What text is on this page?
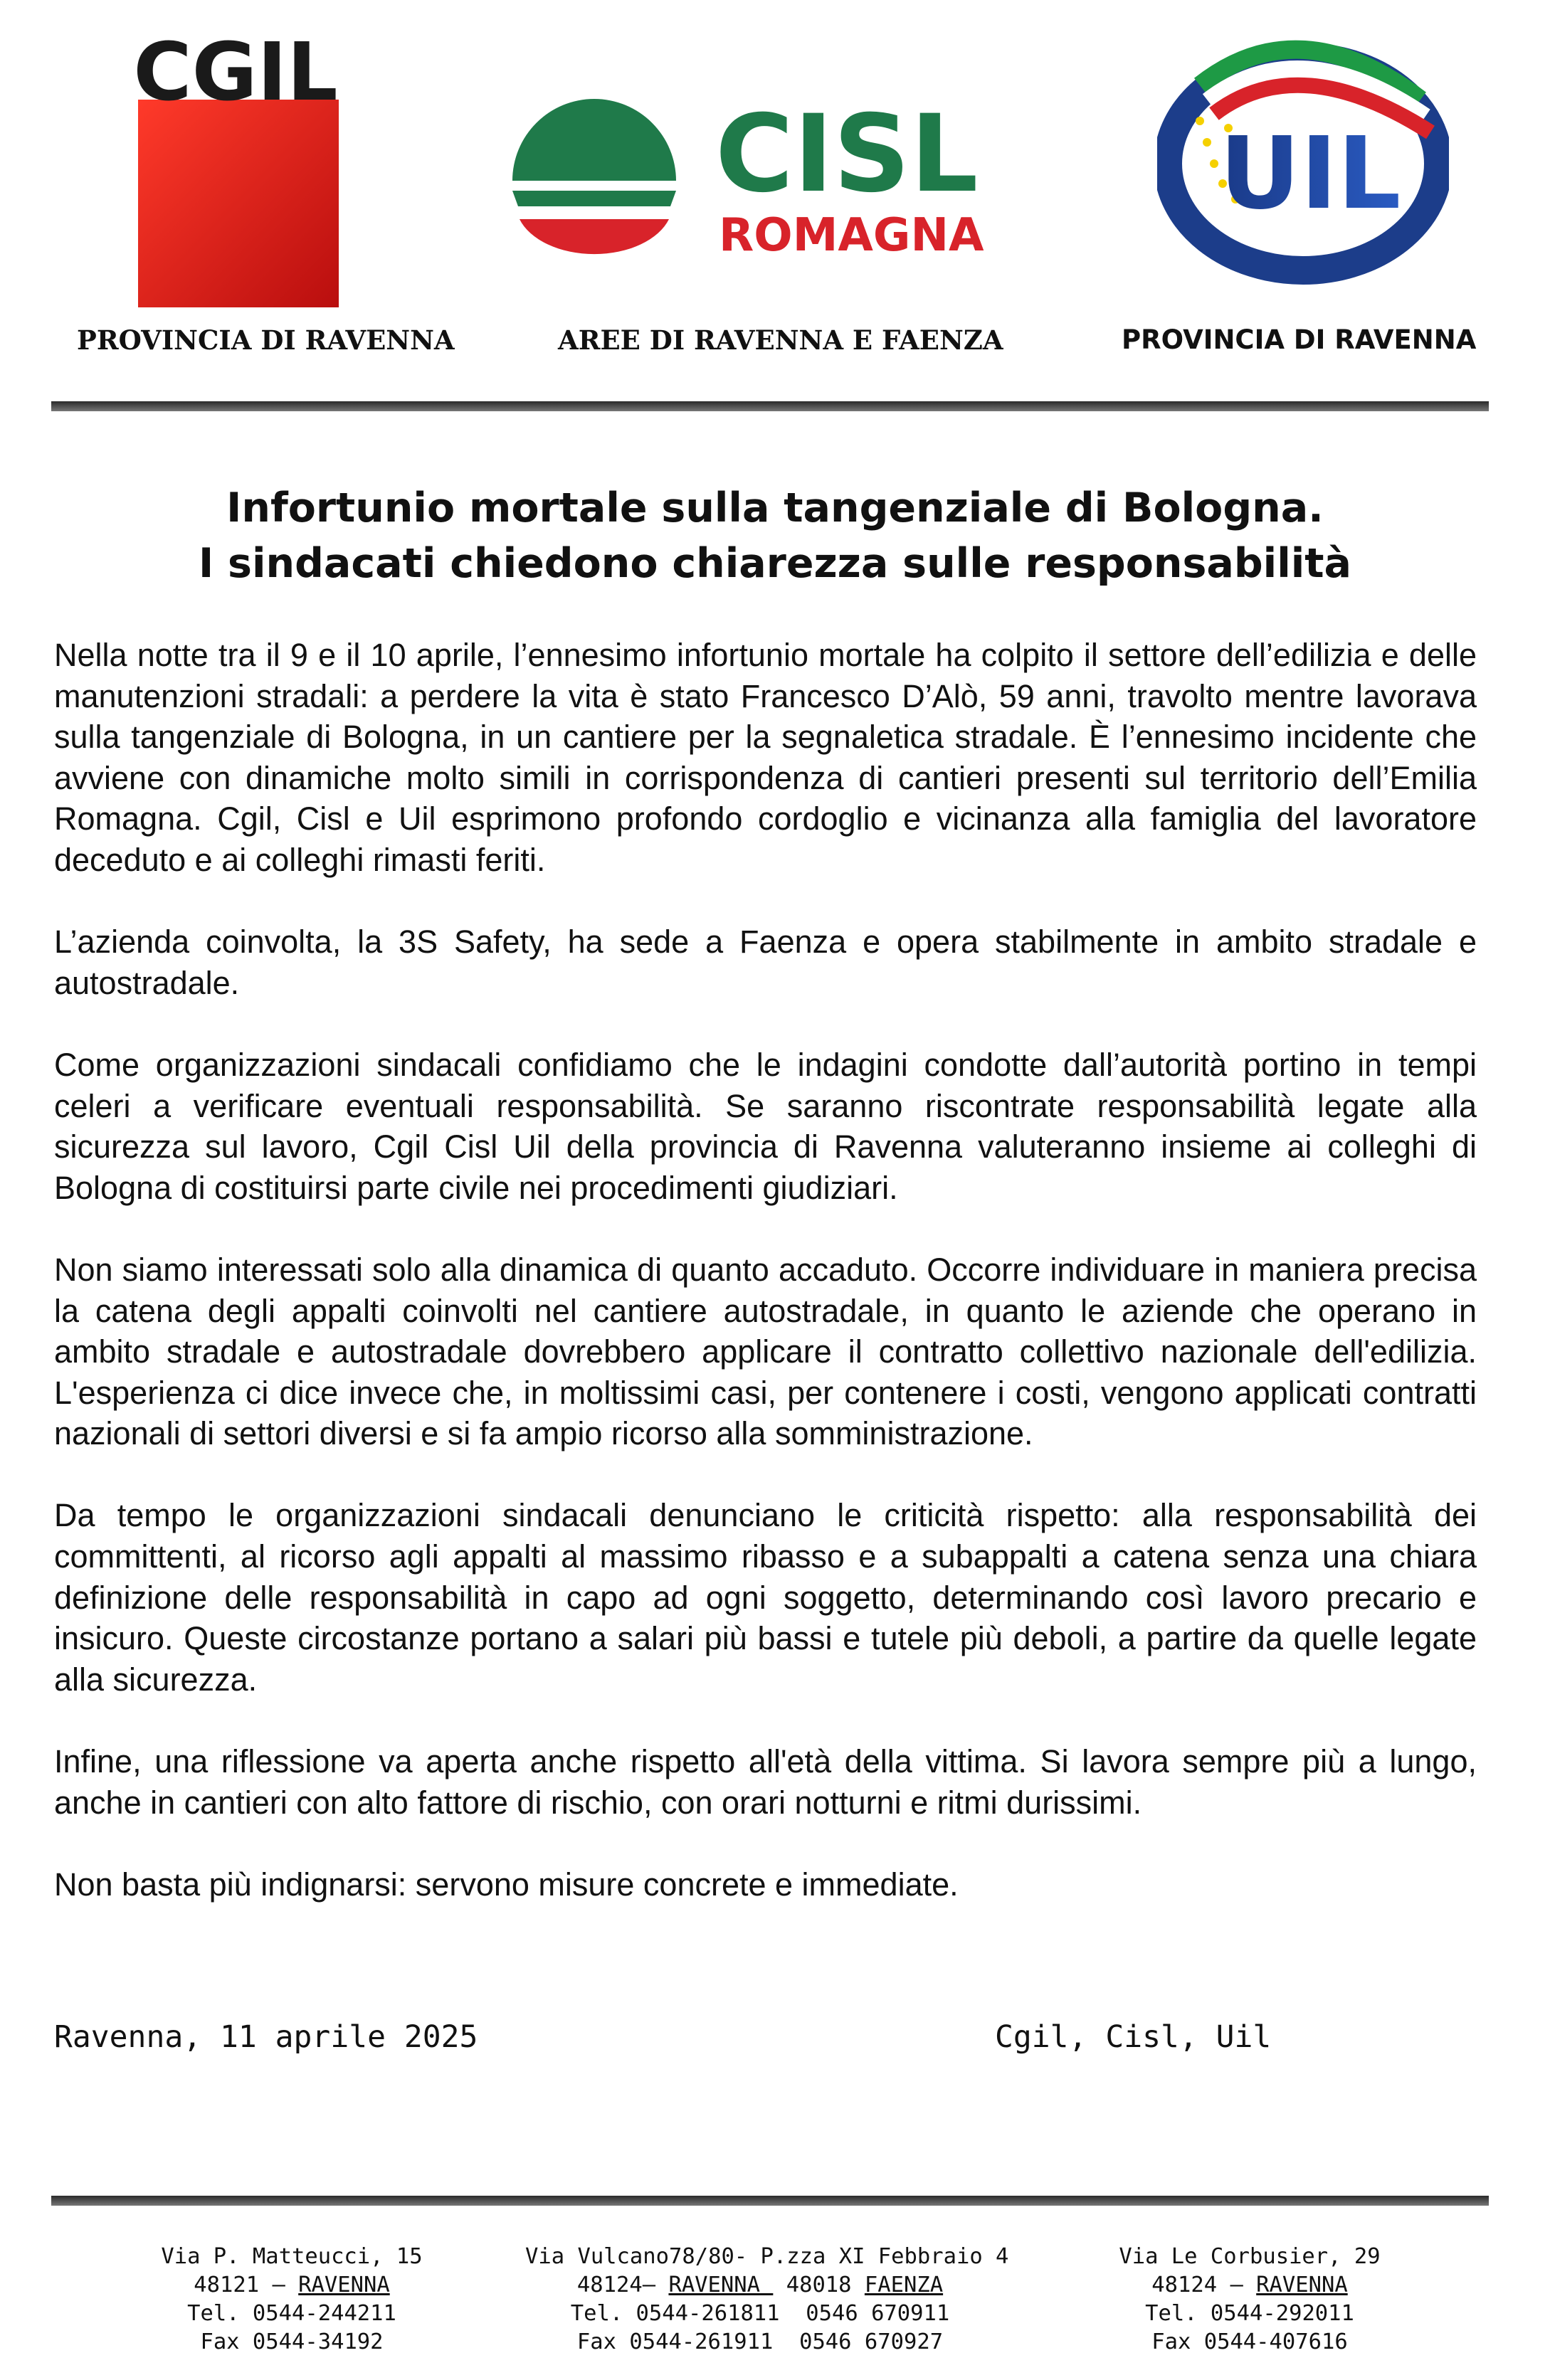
CGIL
CISL
ROMAGNA
UIL
PROVINCIA DI RAVENNA	AREE DI RAVENNA E FAENZA	PROVINCIA DI RAVENNA
Infortunio mortale sulla tangenziale di Bologna.
I sindacati chiedono chiarezza sulle responsabilità

Nella notte tra il 9 e il 10 aprile, l’ennesimo infortunio mortale ha colpito il settore dell’edilizia e delle manutenzioni stradali: a perdere la vita è stato Francesco D’Alò, 59 anni, travolto mentre lavorava sulla tangenziale di Bologna, in un cantiere per la segnaletica stradale. È l’ennesimo incidente che avviene con dinamiche molto simili in corrispondenza di cantieri presenti sul territorio dell’Emilia Romagna. Cgil, Cisl e Uil esprimono profondo cordoglio e vicinanza alla famiglia del lavoratore deceduto e ai colleghi rimasti feriti.

L’azienda coinvolta, la 3S Safety, ha sede a Faenza e opera stabilmente in ambito stradale e autostradale.

Come organizzazioni sindacali confidiamo che le indagini condotte dall’autorità portino in tempi celeri a verificare eventuali responsabilità. Se saranno riscontrate responsabilità legate alla sicurezza sul lavoro, Cgil Cisl Uil della provincia di Ravenna valuteranno insieme ai colleghi di Bologna di costituirsi parte civile nei procedimenti giudiziari.

Non siamo interessati solo alla dinamica di quanto accaduto. Occorre individuare in maniera precisa la catena degli appalti coinvolti nel cantiere autostradale, in quanto le aziende che operano in ambito stradale e autostradale dovrebbero applicare il contratto collettivo nazionale dell'edilizia. L'esperienza ci dice invece che, in moltissimi casi, per contenere i costi, vengono applicati contratti nazionali di settori diversi e si fa ampio ricorso alla somministrazione.

Da tempo le organizzazioni sindacali denunciano le criticità rispetto: alla responsabilità dei committenti, al ricorso agli appalti al massimo ribasso e a subappalti a catena senza una chiara definizione delle responsabilità in capo ad ogni soggetto, determinando così lavoro precario e insicuro. Queste circostanze portano a salari più bassi e tutele più deboli, a partire da quelle legate alla sicurezza.

Infine, una riflessione va aperta anche rispetto all'età della vittima. Si lavora sempre più a lungo, anche in cantieri con alto fattore di rischio, con orari notturni e ritmi durissimi.

Non basta più indignarsi: servono misure concrete e immediate.

Ravenna, 11 aprile 2025	Cgil, Cisl, Uil
Via P. Matteucci, 15
48121 – RAVENNA
Tel. 0544-244211
Fax 0544-34192
Via Vulcano78/80- P.zza XI Febbraio 4
48124– RAVENNA  48018 FAENZA
Tel. 0544-261811  0546 670911
Fax 0544-261911  0546 670927
Via Le Corbusier, 29
48124 – RAVENNA
Tel. 0544-292011
Fax 0544-407616
